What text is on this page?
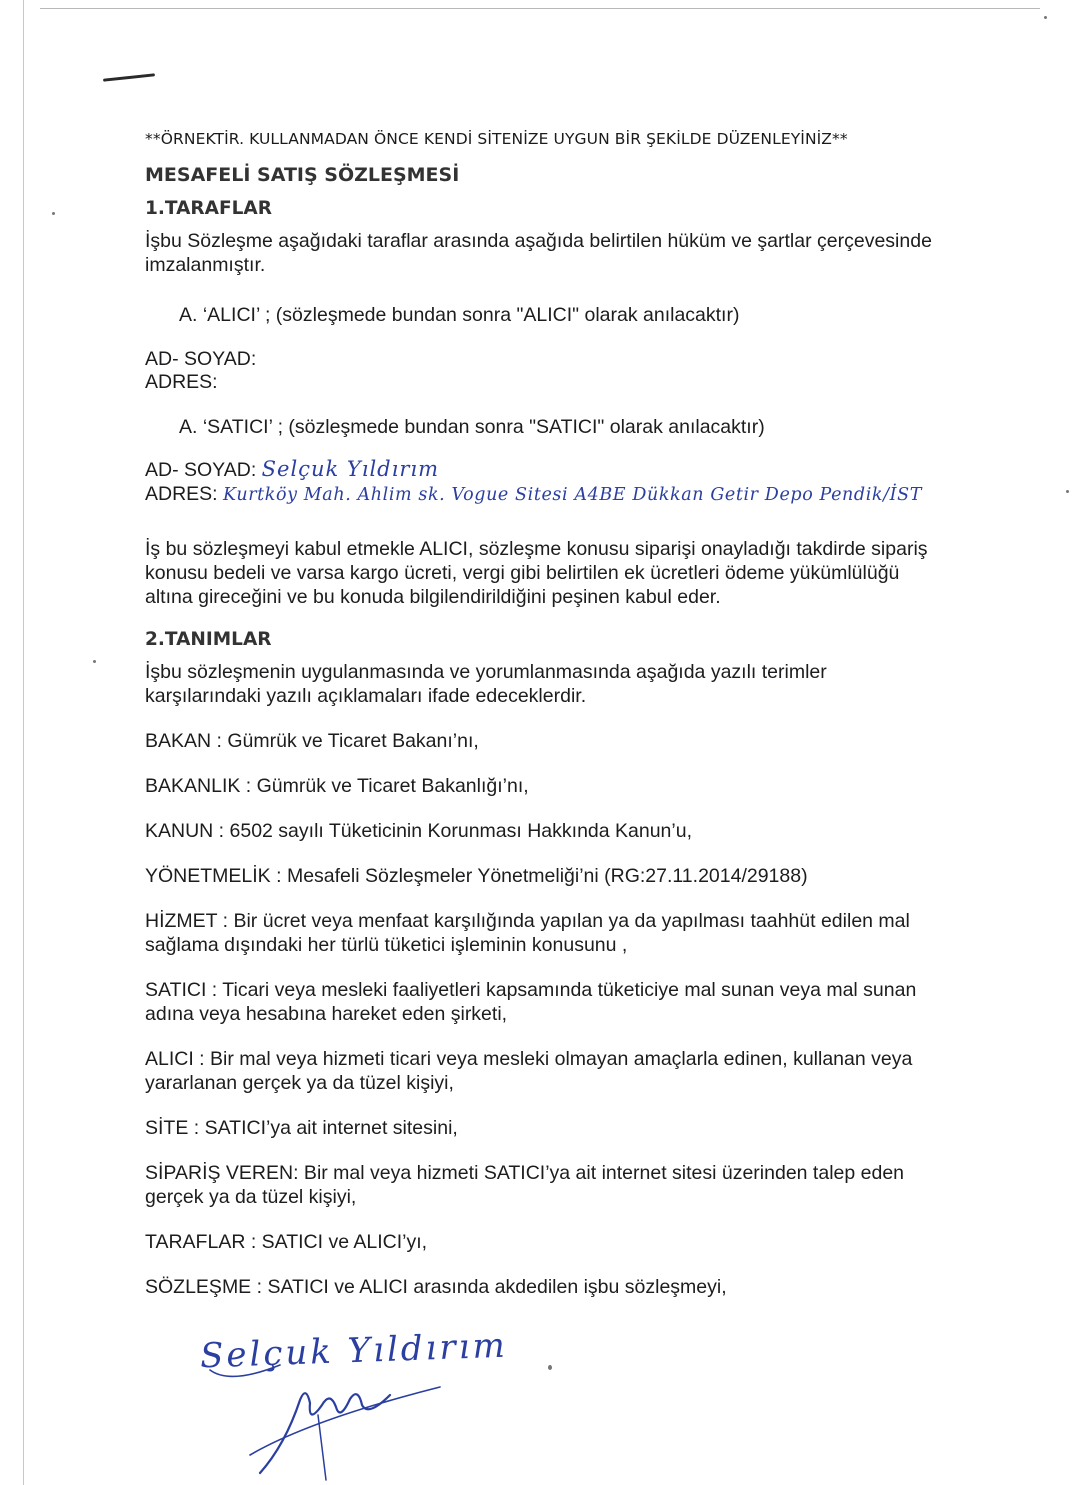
**ÖRNEKTİR. KULLANMADAN ÖNCE KENDİ SİTENİZE UYGUN BİR ŞEKİLDE DÜZENLEYİNİZ**

MESAFELİ SATIŞ SÖZLEŞMESİ

1.TARAFLAR

İşbu Sözleşme aşağıdaki taraflar arasında aşağıda belirtilen hüküm ve şartlar çerçevesinde imzalanmıştır.

A. ‘ALICI’ ; (sözleşmede bundan sonra "ALICI" olarak anılacaktır)

AD- SOYAD:

ADRES:

A. ‘SATICI’ ; (sözleşmede bundan sonra "SATICI" olarak anılacaktır)

AD- SOYAD: Selçuk Yıldırım

ADRES: Kurtköy Mah. Ahlim sk. Vogue Sitesi A4BE Dükkan Getir Depo Pendik/İST

İş bu sözleşmeyi kabul etmekle ALICI, sözleşme konusu siparişi onayladığı takdirde sipariş konusu bedeli ve varsa kargo ücreti, vergi gibi belirtilen ek ücretleri ödeme yükümlülüğü altına gireceğini ve bu konuda bilgilendirildiğini peşinen kabul eder.

2.TANIMLAR

İşbu sözleşmenin uygulanmasında ve yorumlanmasında aşağıda yazılı terimler karşılarındaki yazılı açıklamaları ifade edeceklerdir.

BAKAN : Gümrük ve Ticaret Bakanı’nı,

BAKANLIK : Gümrük ve Ticaret Bakanlığı’nı,

KANUN : 6502 sayılı Tüketicinin Korunması Hakkında Kanun’u,

YÖNETMELİK : Mesafeli Sözleşmeler Yönetmeliği’ni (RG:27.11.2014/29188)

HİZMET : Bir ücret veya menfaat karşılığında yapılan ya da yapılması taahhüt edilen mal sağlama dışındaki her türlü tüketici işleminin konusunu ,

SATICI : Ticari veya mesleki faaliyetleri kapsamında tüketiciye mal sunan veya mal sunan adına veya hesabına hareket eden şirketi,

ALICI : Bir mal veya hizmeti ticari veya mesleki olmayan amaçlarla edinen, kullanan veya yararlanan gerçek ya da tüzel kişiyi,

SİTE : SATICI’ya ait internet sitesini,

SİPARİŞ VEREN: Bir mal veya hizmeti SATICI’ya ait internet sitesi üzerinden talep eden gerçek ya da tüzel kişiyi,

TARAFLAR : SATICI ve ALICI’yı,

SÖZLEŞME : SATICI ve ALICI arasında akdedilen işbu sözleşmeyi,

Selçuk Yıldırım
